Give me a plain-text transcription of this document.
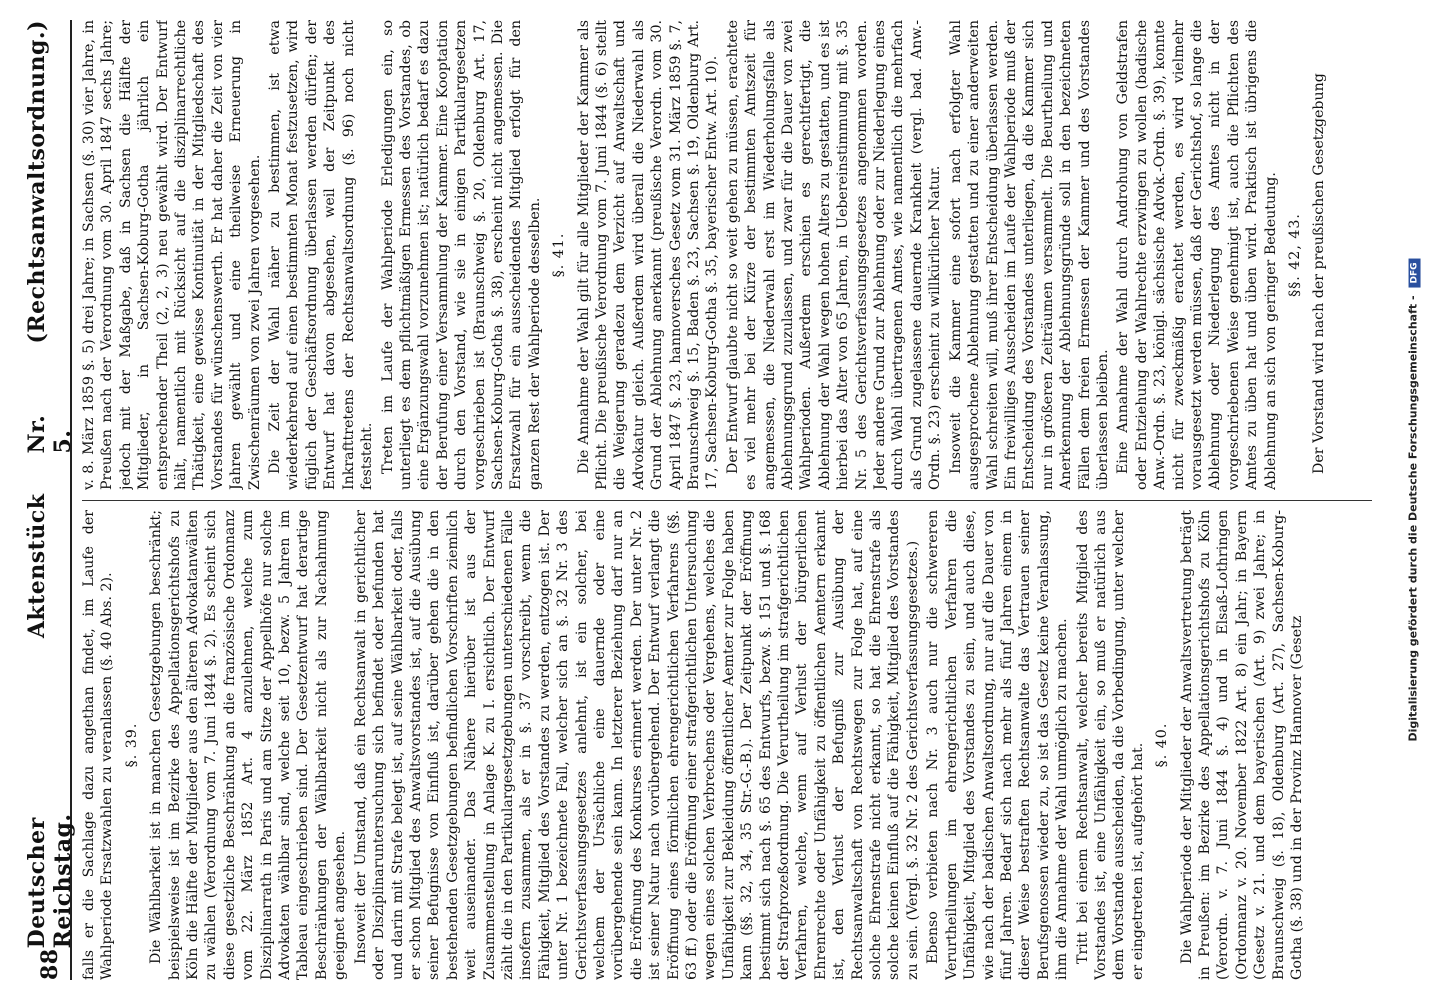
88
Deutscher Reichstag.
Aktenstück
Nr. 5.
(Rechtsanwaltsordnung.)

falls er die Sachlage dazu angethan findet, im Laufe der Wahlperiode Ersatzwahlen zu veranlassen (§. 40 Abs. 2). §. 39. Die Wählbarkeit ist in manchen Gesetzgebungen beschränkt; beispielsweise ist im Bezirke des Appellationsgerichtshofs zu Köln die Hälfte der Mitglieder aus den älteren Advokatanwälten zu wählen (Verordnung vom 7. Juni 1844 §. 2). Es scheint sich diese gesetzliche Beschränkung an die französische Ordonnanz vom 22. März 1852 Art. 4 anzulehnen, welche zum Disziplinarrath in Paris und am Sitze der Appellhöfe nur solche Advokaten wählbar sind, welche seit 10, bezw. 5 Jahren im Tableau eingeschrieben sind. Der Gesetzentwurf hat derartige Beschränkungen der Wählbarkeit nicht als zur Nachahmung geeignet angesehen. Insoweit der Umstand, daß ein Rechtsanwalt in gerichtlicher oder Disziplinaruntersuchung sich befindet oder befunden hat und darin mit Strafe belegt ist, auf seine Wählbarkeit oder, falls er schon Mitglied des Anwaltsvorstandes ist, auf die Ausübung seiner Befugnisse von Einfluß ist, darüber gehen die in den bestehenden Gesetzgebungen befindlichen Vorschriften ziemlich weit auseinander. Das Nähere hierüber ist aus der Zusammenstellung in Anlage K. zu I. ersichtlich. Der Entwurf zählt die in den Partikulargesetzgebungen unterschiedenen Fälle insofern zusammen, als er in §. 37 vorschreibt, wenn die Fähigkeit, Mitglied des Vorstandes zu werden, entzogen ist. Der unter Nr. 1 bezeichnete Fall, welcher sich an §. 32 Nr. 3 des Gerichtsverfassungsgesetzes anlehnt, ist ein solcher, bei welchem der Ursächliche eine dauernde oder eine vorübergehende sein kann. In letzterer Beziehung darf nur an die Eröffnung des Konkurses erinnert werden. Der unter Nr. 2 ist seiner Natur nach vorübergehend. Der Entwurf verlangt die Eröffnung eines förmlichen ehrengerichtlichen Verfahrens (§§. 63 ff.) oder die Eröffnung einer strafgerichtlichen Untersuchung wegen eines solchen Verbrechens oder Vergehens, welches die Unfähigkeit zur Bekleidung öffentlicher Aemter zur Folge haben kann (§§. 32, 34, 35 Str.-G.-B.). Der Zeitpunkt der Eröffnung bestimmt sich nach §. 65 des Entwurfs, bezw. §. 151 und §. 168 der Strafprozeßordnung. Die Verurtheilung im strafgerichtlichen Verfahren, welche, wenn auf Verlust der bürgerlichen Ehrenrechte oder Unfähigkeit zu öffentlichen Aemtern erkannt ist, den Verlust der Befugniß zur Ausübung der Rechtsanwaltschaft von Rechtswegen zur Folge hat, auf eine solche Ehrenstrafe nicht erkannt, so hat die Ehrenstrafe als solche keinen Einfluß auf die Fähigkeit, Mitglied des Vorstandes zu sein. (Vergl. §. 32 Nr. 2 des Gerichtsverfassungsgesetzes.) Ebenso verbieten nach Nr. 3 auch nur die schwereren Verurtheilungen im ehrengerichtlichen Verfahren die Unfähigkeit, Mitglied des Vorstandes zu sein, und auch diese, wie nach der badischen Anwaltsordnung, nur auf die Dauer von fünf Jahren. Bedarf sich nach mehr als fünf Jahren einem in dieser Weise bestraften Rechtsanwalte das Vertrauen seiner Berufsgenossen wieder zu, so ist das Gesetz keine Veranlassung, ihm die Annahme der Wahl unmöglich zu machen. Tritt bei einem Rechtsanwalt, welcher bereits Mitglied des Vorstandes ist, eine Unfähigkeit ein, so muß er natürlich aus dem Vorstande ausscheiden, da die Vorbedingung, unter welcher er eingetreten ist, aufgehört hat. §. 40. Die Wahlperiode der Mitglieder der Anwaltsvertretung beträgt in Preußen: im Bezirke des Appellationsgerichtshofs zu Köln (Verordn. v. 7. Juni 1844 §. 4) und in Elsaß-Lothringen (Ordonnanz v. 20. November 1822 Art. 8) ein Jahr; in Bayern (Gesetz v. 21. und dem bayerischen (Art. 9) zwei Jahre; in Braunschweig (§. 18), Oldenburg (Art. 27), Sachsen-Koburg-Gotha (§. 38) und in der Provinz Hannover (Gesetz

v. 8. März 1859 §. 5) drei Jahre; in Sachsen (§. 30) vier Jahre, in Preußen nach der Verordnung vom 30. April 1847 sechs Jahre; jedoch mit der Maßgabe, daß in Sachsen die Hälfte der Mitglieder, in Sachsen-Koburg-Gotha jährlich ein entsprechender Theil (2, 2, 3) neu gewählt wird. Der Entwurf hält, namentlich mit Rücksicht auf die disziplinarrechtliche Thätigkeit, eine gewisse Kontinuität in der Mitgliedschaft des Vorstandes für wünschenswerth. Er hat daher die Zeit von vier Jahren gewählt und eine theilweise Erneuerung in Zwischenräumen von zwei Jahren vorgesehen. Die Zeit der Wahl näher zu bestimmen, ist etwa wiederkehrend auf einen bestimmten Monat festzusetzen, wird füglich der Geschäftsordnung überlassen werden dürfen; der Entwurf hat davon abgesehen, weil der Zeitpunkt des Inkrafttretens der Rechtsanwaltsordnung (§. 96) noch nicht feststeht. Treten im Laufe der Wahlperiode Erledigungen ein, so unterliegt es dem pflichtmäßigen Ermessen des Vorstandes, ob eine Ergänzungswahl vorzunehmen ist; natürlich bedarf es dazu der Berufung einer Versammlung der Kammer. Eine Kooptation durch den Vorstand, wie sie in einigen Partikulargesetzen vorgeschrieben ist (Braunschweig §. 20, Oldenburg Art. 17, Sachsen-Koburg-Gotha §. 38), erscheint nicht angemessen. Die Ersatzwahl für ein ausscheidendes Mitglied erfolgt für den ganzen Rest der Wahlperiode desselben. §. 41. Die Annahme der Wahl gilt für alle Mitglieder der Kammer als Pflicht. Die preußische Verordnung vom 7. Juni 1844 (§. 6) stellt die Weigerung geradezu dem Verzicht auf Anwaltschaft und Advokatur gleich. Außerdem wird überall die Niederwahl als Grund der Ablehnung anerkannt (preußische Verordn. vom 30. April 1847 §. 23, hannoversches Gesetz vom 31. März 1859 §. 7, Braunschweig §. 15, Baden §. 23, Sachsen §. 19, Oldenburg Art. 17, Sachsen-Koburg-Gotha §. 35, bayerischer Entw. Art. 10). Der Entwurf glaubte nicht so weit gehen zu müssen, erachtete es viel mehr bei der Kürze der bestimmten Amtszeit für angemessen, die Niederwahl erst im Wiederholungsfalle als Ablehnungsgrund zuzulassen, und zwar für die Dauer von zwei Wahlperioden. Außerdem erschien es gerechtfertigt, die Ablehnung der Wahl wegen hohen Alters zu gestatten, und es ist hierbei das Alter von 65 Jahren, in Uebereinstimmung mit §. 35 Nr. 5 des Gerichtsverfassungsgesetzes angenommen worden. Jeder andere Grund zur Ablehnung oder zur Niederlegung eines durch Wahl übertragenen Amtes, wie namentlich die mehrfach als Grund zugelassene dauernde Krankheit (vergl. bad. Anw.-Ordn. §. 23) erscheint zu willkürlicher Natur. Insoweit die Kammer eine sofort nach erfolgter Wahl ausgesprochene Ablehnung gestatten und zu einer anderweiten Wahl schreiten will, muß ihrer Entscheidung überlassen werden. Ein freiwilliges Ausscheiden im Laufe der Wahlperiode muß der Entscheidung des Vorstandes unterliegen, da die Kammer sich nur in größeren Zeiträumen versammelt. Die Beurtheilung und Anerkennung der Ablehnungsgründe soll in den bezeichneten Fällen dem freien Ermessen der Kammer und des Vorstandes überlassen bleiben. Eine Annahme der Wahl durch Androhung von Geldstrafen oder Entziehung der Wahlrechte erzwingen zu wollen (badische Anw.-Ordn. §. 23, königl. sächsische Advok.-Ordn. §. 39), konnte nicht für zweckmäßig erachtet werden, es wird vielmehr vorausgesetzt werden müssen, daß der Gerichtshof, so lange die Ablehnung oder Niederlegung des Amtes nicht in der vorgeschriebenen Weise genehmigt ist, auch die Pflichten des Amtes zu üben hat und üben wird. Praktisch ist übrigens die Ablehnung an sich von geringer Bedeutung. §§. 42, 43. Der Vorstand wird nach der preußischen Gesetzgebung

Digitalisierung gefördert durch die Deutsche Forschungsgemeinschaft -DFG
